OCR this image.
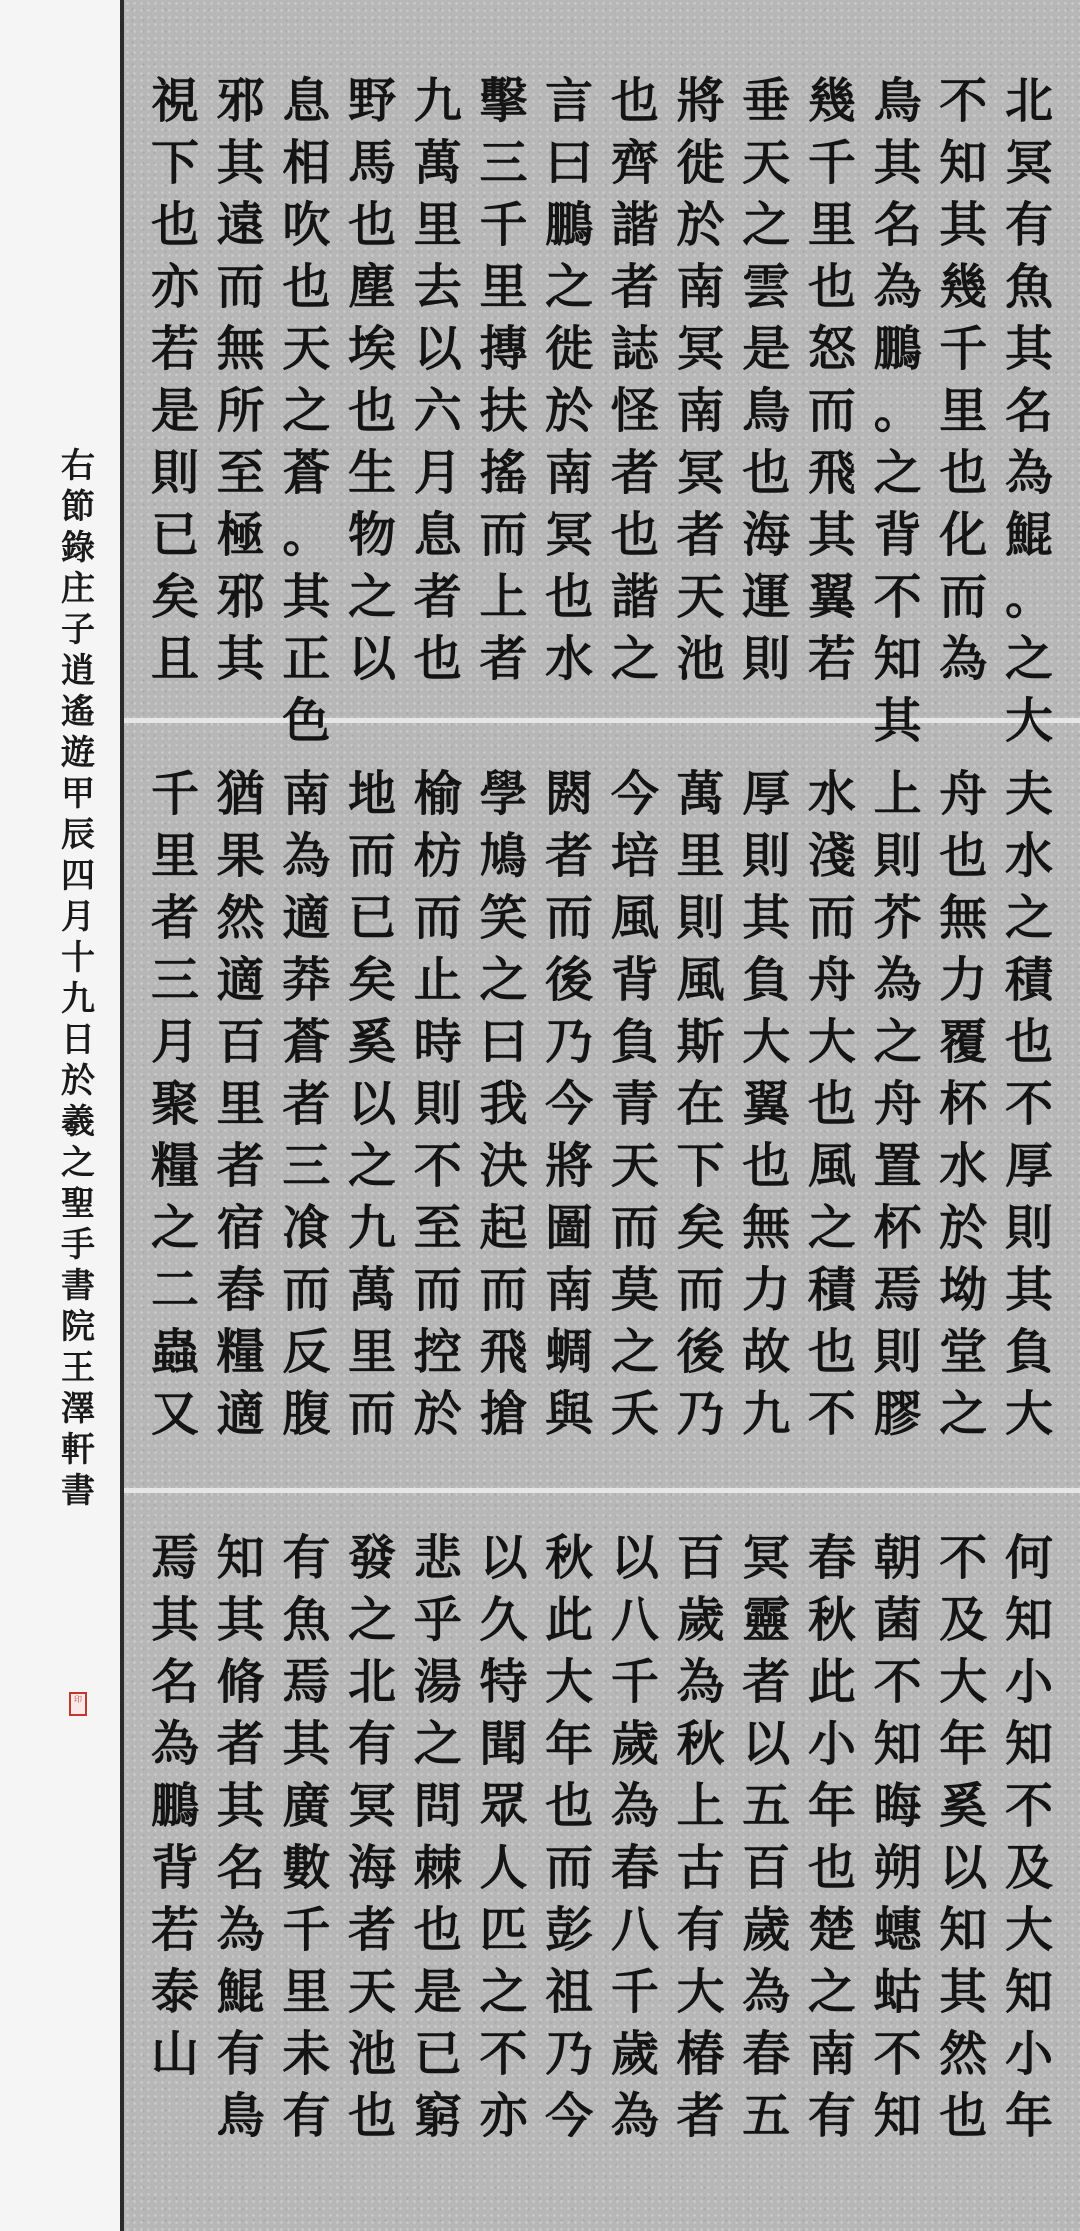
北
冥
有
魚
其
名
為
鯤
。
之
大
不
知
其
幾
千
里
也
化
而
為
鳥
其
名
為
鵬
。
之
背
不
知
其
幾
千
里
也
怒
而
飛
其
翼
若
垂
天
之
雲
是
鳥
也
海
運
則
將
徙
於
南
冥
南
冥
者
天
池
也
齊
諧
者
誌
怪
者
也
諧
之
言
曰
鵬
之
徙
於
南
冥
也
水
擊
三
千
里
摶
扶
搖
而
上
者
九
萬
里
去
以
六
月
息
者
也
野
馬
也
塵
埃
也
生
物
之
以
息
相
吹
也
天
之
蒼
。
其
正
色
邪
其
遠
而
無
所
至
極
邪
其
視
下
也
亦
若
是
則
已
矣
且
夫
水
之
積
也
不
厚
則
其
負
大
舟
也
無
力
覆
杯
水
於
坳
堂
之
上
則
芥
為
之
舟
置
杯
焉
則
膠
水
淺
而
舟
大
也
風
之
積
也
不
厚
則
其
負
大
翼
也
無
力
故
九
萬
里
則
風
斯
在
下
矣
而
後
乃
今
培
風
背
負
青
天
而
莫
之
夭
閼
者
而
後
乃
今
將
圖
南
蜩
與
學
鳩
笑
之
曰
我
決
起
而
飛
搶
榆
枋
而
止
時
則
不
至
而
控
於
地
而
已
矣
奚
以
之
九
萬
里
而
南
為
適
莽
蒼
者
三
飡
而
反
腹
猶
果
然
適
百
里
者
宿
舂
糧
適
千
里
者
三
月
聚
糧
之
二
蟲
又
何
知
小
知
不
及
大
知
小
年
不
及
大
年
奚
以
知
其
然
也
朝
菌
不
知
晦
朔
蟪
蛄
不
知
春
秋
此
小
年
也
楚
之
南
有
冥
靈
者
以
五
百
歲
為
春
五
百
歲
為
秋
上
古
有
大
椿
者
以
八
千
歲
為
春
八
千
歲
為
秋
此
大
年
也
而
彭
祖
乃
今
以
久
特
聞
眾
人
匹
之
不
亦
悲
乎
湯
之
問
棘
也
是
已
窮
發
之
北
有
冥
海
者
天
池
也
有
魚
焉
其
廣
數
千
里
未
有
知
其
脩
者
其
名
為
鯤
有
鳥
焉
其
名
為
鵬
背
若
泰
山
右
節
錄
庄
子
逍
遙
遊
甲
辰
四
月
十
九
日
於
羲
之
聖
手
書
院
王
澤
軒
書
印
